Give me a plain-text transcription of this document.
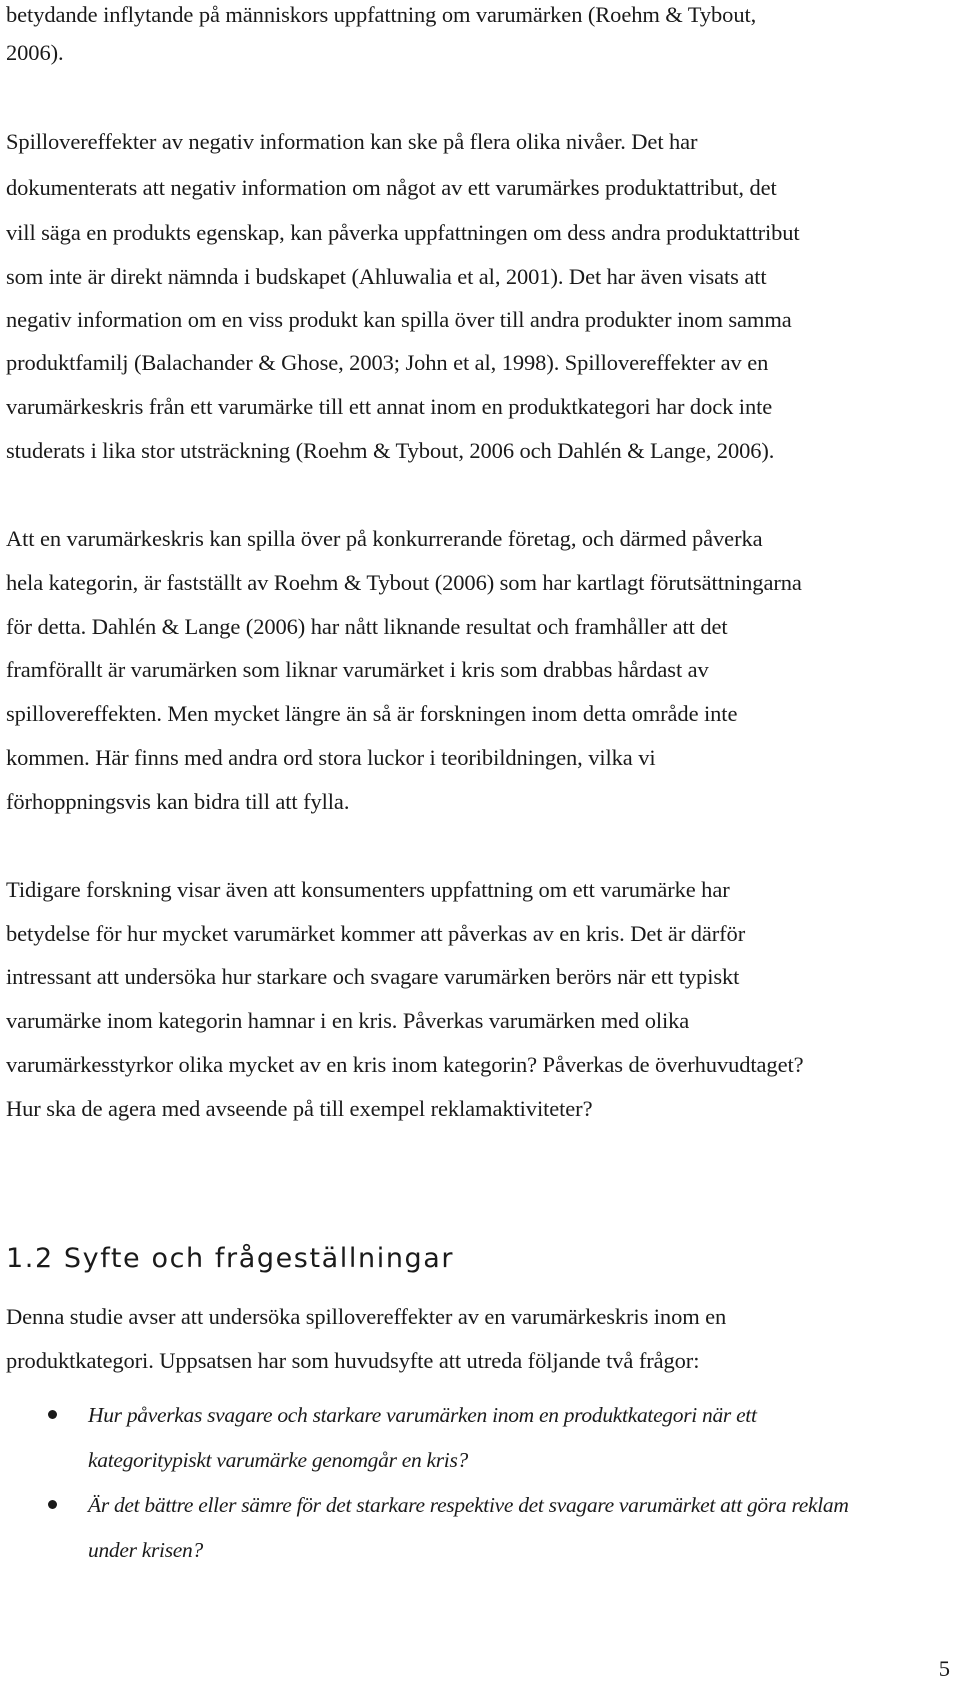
betydande inflytande på människors uppfattning om varumärken (Roehm & Tybout,
2006).
Spillovereffekter av negativ information kan ske på flera olika nivåer. Det har
dokumenterats att negativ information om något av ett varumärkes produktattribut, det
vill säga en produkts egenskap, kan påverka uppfattningen om dess andra produktattribut
som inte är direkt nämnda i budskapet (Ahluwalia et al, 2001). Det har även visats att
negativ information om en viss produkt kan spilla över till andra produkter inom samma
produktfamilj (Balachander & Ghose, 2003; John et al, 1998). Spillovereffekter av en
varumärkeskris från ett varumärke till ett annat inom en produktkategori har dock inte
studerats i lika stor utsträckning (Roehm & Tybout, 2006 och Dahlén & Lange, 2006).
Att en varumärkeskris kan spilla över på konkurrerande företag, och därmed påverka
hela kategorin, är fastställt av Roehm & Tybout (2006) som har kartlagt förutsättningarna
för detta. Dahlén & Lange (2006) har nått liknande resultat och framhåller att det
framförallt är varumärken som liknar varumärket i kris som drabbas hårdast av
spillovereffekten. Men mycket längre än så är forskningen inom detta område inte
kommen. Här finns med andra ord stora luckor i teoribildningen, vilka vi
förhoppningsvis kan bidra till att fylla.
Tidigare forskning visar även att konsumenters uppfattning om ett varumärke har
betydelse för hur mycket varumärket kommer att påverkas av en kris. Det är därför
intressant att undersöka hur starkare och svagare varumärken berörs när ett typiskt
varumärke inom kategorin hamnar i en kris. Påverkas varumärken med olika
varumärkesstyrkor olika mycket av en kris inom kategorin? Påverkas de överhuvudtaget?
Hur ska de agera med avseende på till exempel reklamaktiviteter?
1.2 Syfte och frågeställningar
Denna studie avser att undersöka spillovereffekter av en varumärkeskris inom en
produktkategori. Uppsatsen har som huvudsyfte att utreda följande två frågor:
Hur påverkas svagare och starkare varumärken inom en produktkategori när ett
kategoritypiskt varumärke genomgår en kris?
Är det bättre eller sämre för det starkare respektive det svagare varumärket att göra reklam
under krisen?
5
